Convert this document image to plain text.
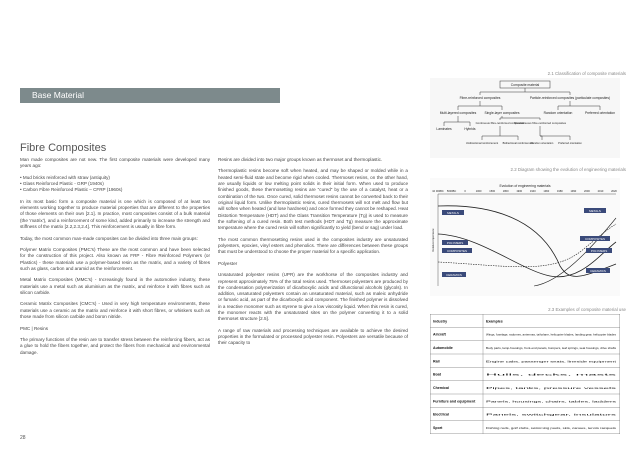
Base Material
Fibre Composites

Man made composites are not new. The first composite materials were developed many years ago:

• Mud bricks reinforced with straw (antiquity)

• Glass Reinforced Plastic - GRP (1940s)

• Carbon Fibre Reinforced Plastic – CFRP (1960s)

In its most basic form a composite material is one which is composed of at least two elements working together to produce material properties that are different to the properties of those elements on their own [2.1]. In practice, most composites consist of a bulk material (the 'matrix'), and a reinforcement of some kind, added primarily to increase the strength and stiffness of the matrix [2.2,2.3,2.4]. This reinforcement is usually in fibre form.

Today, the most common man-made composites can be divided into three main groups:

Polymer Matrix Composites (PMC's) These are the most common and have been selected for the construction of this project. Also known as FRP - Fibre Reinforced Polymers (or Plastics) - these materials use a polymer-based resin as the matrix, and a variety of fibres such as glass, carbon and aramid as the reinforcement.

Metal Matrix Composites (MMC's) - Increasingly found in the automotive industry, these materials use a metal such as aluminium as the matrix, and reinforce it with fibres such as silicon carbide.

Ceramic Matrix Composites (CMC's) - Used in very high temperature environments, these materials use a ceramic as the matrix and reinforce it with short fibres, or whiskers such as those made from silicon carbide and boron nitride.

PMC | Resins

The primary functions of the resin are to transfer stress between the reinforcing fibers, act as a glue to hold the fibers together, and protect the fibers from mechanical and environmental damage.

Resins are divided into two major groups known as thermoset and thermoplastic.

Thermoplastic resins become soft when heated, and may be shaped or molded while in a heated semi-fluid state and become rigid when cooled. Thermoset resins, on the other hand, are usually liquids or low melting point solids in their initial form. When used to produce finished goods, these thermosetting resins are "cured" by the use of a catalyst, heat or a combination of the two. Once cured, solid thermoset resins cannot be converted back to their original liquid form. Unlike thermoplastic resins, cured thermosets will not melt and flow but will soften when heated (and lose hardness) and once formed they cannot be reshaped. Heat Distortion Temperature (HDT) and the Glass Transition Temperature (Tg) is used to measure the softening of a cured resin. Both test methods (HDT and Tg) measure the approximate temperature where the cured resin will soften significantly to yield (bend or sag) under load.

The most common thermosetting resins used in the composites industry are unsaturated polyesters, epoxies, vinyl esters and phenolics. There are differences between these groups that must be understood to choose the proper material for a specific application.

Polyester

Unsaturated polyester resins (UPR) are the workhorse of the composites industry and represent approximately 75% of the total resins used. Thermoset polyesters are produced by the condensation polymerization of dicarboxylic acids and difunctional alcohols (glycols). In addition, unsaturated polyesters contain an unsaturated material, such as maleic anhydride or fumaric acid, as part of the dicarboxylic acid component. The finished polymer is dissolved in a reactive monomer such as styrene to give a low viscosity liquid. When this resin is cured, the monomer reacts with the unsaturated sites on the polymer converting it to a solid thermoset structure [2.5].

A range of raw materials and processing techniques are available to achieve the desired properties in the formulated or processed polyester resin. Polyesters are versatile because of their capacity to

28
2.1 Classification of composite materials
2.2 Diagram showing the evolution of engineering materials
2.3 Examples of composite material use
Composite material
Fibre-reinforced composites	Particle-reinforced composites (particulate composites)
Multi-layered composites	Single-layer composites	Random orientation	Preferred orientation
Laminates	Hybrids
Continuous fibre-reinforced composites
Discontinuous fibre-reinforced composites
Unidirectional reinforcement Bidirectional reinforcement
Random orientation Preferred orientation
Evolution of engineering materials
10 000BC 5000BC	0	1000	1500	1800	1900	1940	1960	1980	1990	2000	2010	2020
METALS
POLYMERS
COMPOSITES
CERAMICS
METALS
POLYMERS
COMPOSITES
CERAMICS
Relative importance
Industry	Examples
Aircraft	Wings, fuselage, radomes, antennas, tail-plane, helicopter blades, landing gear, helicopter blades
Automobile	Body parts, lamp-housings, front-end panels, bumpers, leaf springs, seat housings, drive shafts
Rail	Engine cabs, passenger seats, lineside equipment
Boat	Hulls, decks, masts
Chemical	Pipes, tanks, pressure vessels
Furniture and equipment	Panels, housings, chairs, tables, ladders
Electrical	Panels, switchgear, insulators
Sport	Fishing rods, golf clubs, swimming pools, skis, canoes, tennis racquets
